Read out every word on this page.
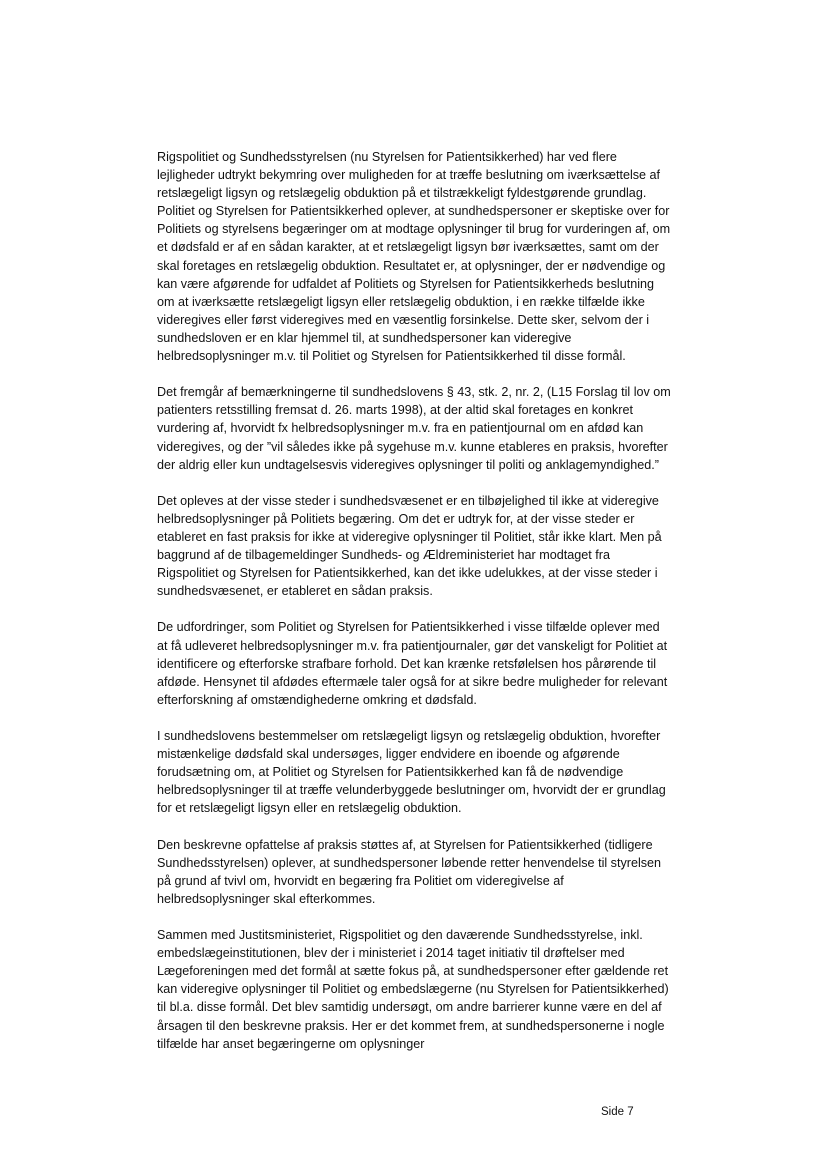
Rigspolitiet og Sundhedsstyrelsen (nu Styrelsen for Patientsikkerhed) har ved flere lejligheder udtrykt bekymring over muligheden for at træffe beslutning om iværksættelse af retslægeligt ligsyn og retslægelig obduktion på et tilstrækkeligt fyldestgørende grundlag.

Politiet og Styrelsen for Patientsikkerhed oplever, at sundhedspersoner er skeptiske over for Politiets og styrelsens begæringer om at modtage oplysninger til brug for vurderingen af, om et dødsfald er af en sådan karakter, at et retslægeligt ligsyn bør iværksættes, samt om der skal foretages en retslægelig obduktion. Resultatet er, at oplysninger, der er nødvendige og kan være afgørende for udfaldet af Politiets og Styrelsen for Patientsikkerheds beslutning om at iværksætte retslægeligt ligsyn eller retslægelig obduktion, i en række tilfælde ikke videregives eller først videregives med en væsentlig forsinkelse. Dette sker, selvom der i sundhedsloven er en klar hjemmel til, at sundhedspersoner kan videregive helbredsoplysninger m.v. til Politiet og Styrelsen for Patientsikkerhed til disse formål.

Det fremgår af bemærkningerne til sundhedslovens § 43, stk. 2, nr. 2, (L15 Forslag til lov om patienters retsstilling fremsat d. 26. marts 1998), at der altid skal foretages en konkret vurdering af, hvorvidt fx helbredsoplysninger m.v. fra en patientjournal om en afdød kan videregives, og der ”vil således ikke på sygehuse m.v. kunne etableres en praksis, hvorefter der aldrig eller kun undtagelsesvis videregives oplysninger til politi og anklagemyndighed.”

Det opleves at der visse steder i sundhedsvæsenet er en tilbøjelighed til ikke at videregive helbredsoplysninger på Politiets begæring. Om det er udtryk for, at der visse steder er etableret en fast praksis for ikke at videregive oplysninger til Politiet, står ikke klart. Men på baggrund af de tilbagemeldinger Sundheds- og Ældreministeriet har modtaget fra Rigspolitiet og Styrelsen for Patientsikkerhed, kan det ikke udelukkes, at der visse steder i sundhedsvæsenet, er etableret en sådan praksis.

De udfordringer, som Politiet og Styrelsen for Patientsikkerhed i visse tilfælde oplever med at få udleveret helbredsoplysninger m.v. fra patientjournaler, gør det vanskeligt for Politiet at identificere og efterforske strafbare forhold. Det kan krænke retsfølelsen hos pårørende til afdøde. Hensynet til afdødes eftermæle taler også for at sikre bedre muligheder for relevant efterforskning af omstændighederne omkring et dødsfald.

I sundhedslovens bestemmelser om retslægeligt ligsyn og retslægelig obduktion, hvorefter mistænkelige dødsfald skal undersøges, ligger endvidere en iboende og afgørende forudsætning om, at Politiet og Styrelsen for Patientsikkerhed kan få de nødvendige helbredsoplysninger til at træffe velunderbyggede beslutninger om, hvorvidt der er grundlag for et retslægeligt ligsyn eller en retslægelig obduktion.

Den beskrevne opfattelse af praksis støttes af, at Styrelsen for Patientsikkerhed (tidligere Sundhedsstyrelsen) oplever, at sundhedspersoner løbende retter henvendelse til styrelsen på grund af tvivl om, hvorvidt en begæring fra Politiet om videregivelse af helbredsoplysninger skal efterkommes.

Sammen med Justitsministeriet, Rigspolitiet og den daværende Sundhedsstyrelse, inkl. embedslægeinstitutionen, blev der i ministeriet i 2014 taget initiativ til drøftelser med Lægeforeningen med det formål at sætte fokus på, at sundhedspersoner efter gældende ret kan videregive oplysninger til Politiet og embedslægerne (nu Styrelsen for Patientsikkerhed) til bl.a. disse formål. Det blev samtidig undersøgt, om andre barrierer kunne være en del af årsagen til den beskrevne praksis. Her er det kommet frem, at sundhedspersonerne i nogle tilfælde har anset begæringerne om oplysninger

Side 7
